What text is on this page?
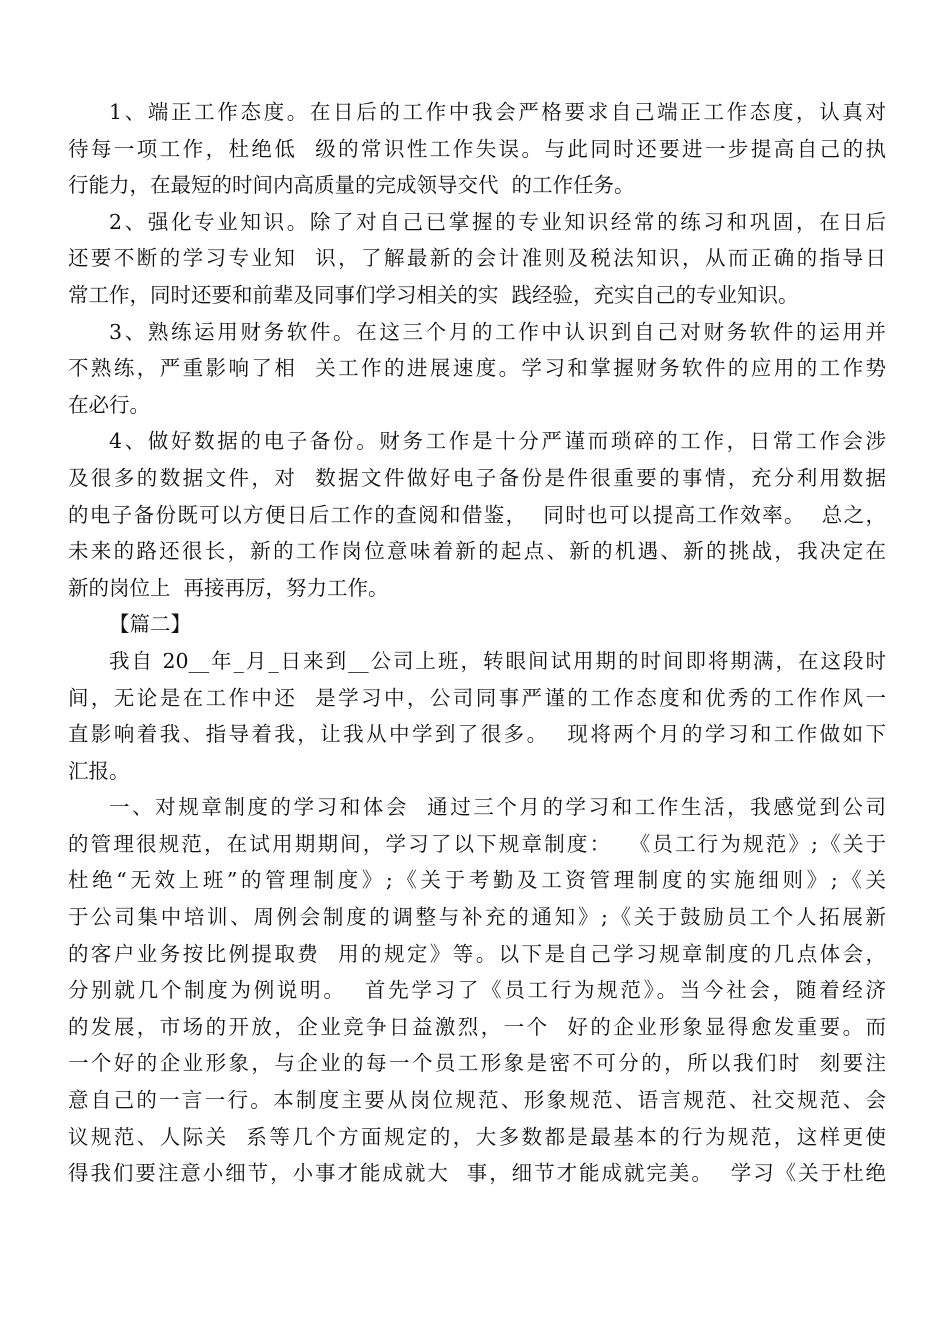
1、端正工作态度。在日后的工作中我会严格要求自己端正工作态度，认真对
待每一项工作，杜绝低  级的常识性工作失误。与此同时还要进一步提高自己的执
行能力，在最短的时间内高质量的完成领导交代  的工作任务。
2、强化专业知识。除了对自己已掌握的专业知识经常的练习和巩固，在日后
还要不断的学习专业知  识，了解最新的会计准则及税法知识，从而正确的指导日
常工作，同时还要和前辈及同事们学习相关的实  践经验，充实自己的专业知识。
3、熟练运用财务软件。在这三个月的工作中认识到自己对财务软件的运用并
不熟练，严重影响了相  关工作的进展速度。学习和掌握财务软件的应用的工作势
在必行。
4、做好数据的电子备份。财务工作是十分严谨而琐碎的工作，日常工作会涉
及很多的数据文件，对  数据文件做好电子备份是件很重要的事情，充分利用数据
的电子备份既可以方便日后工作的查阅和借鉴，  同时也可以提高工作效率。  总之，
未来的路还很长，新的工作岗位意味着新的起点、新的机遇、新的挑战，我决定在
新的岗位上  再接再厉，努力工作。
【篇二】
我自 20__年_月_日来到__公司上班，转眼间试用期的时间即将期满，在这段时
间，无论是在工作中还  是学习中，公司同事严谨的工作态度和优秀的工作作风一
直影响着我、指导着我，让我从中学到了很多。  现将两个月的学习和工作做如下
汇报。
一、对规章制度的学习和体会  通过三个月的学习和工作生活，我感觉到公司
的管理很规范，在试用期期间，学习了以下规章制度：  《员工行为规范》;《关于
杜绝“无效上班”的管理制度》;《关于考勤及工资管理制度的实施细则》;《关
于公司集中培训、周例会制度的调整与补充的通知》;《关于鼓励员工个人拓展新
的客户业务按比例提取费  用的规定》等。以下是自己学习规章制度的几点体会，
分别就几个制度为例说明。  首先学习了《员工行为规范》。当今社会，随着经济
的发展，市场的开放，企业竞争日益激烈，一个  好的企业形象显得愈发重要。而
一个好的企业形象，与企业的每一个员工形象是密不可分的，所以我们时  刻要注
意自己的一言一行。本制度主要从岗位规范、形象规范、语言规范、社交规范、会
议规范、人际关  系等几个方面规定的，大多数都是最基本的行为规范，这样更使
得我们要注意小细节，小事才能成就大  事，细节才能成就完美。  学习《关于杜绝
